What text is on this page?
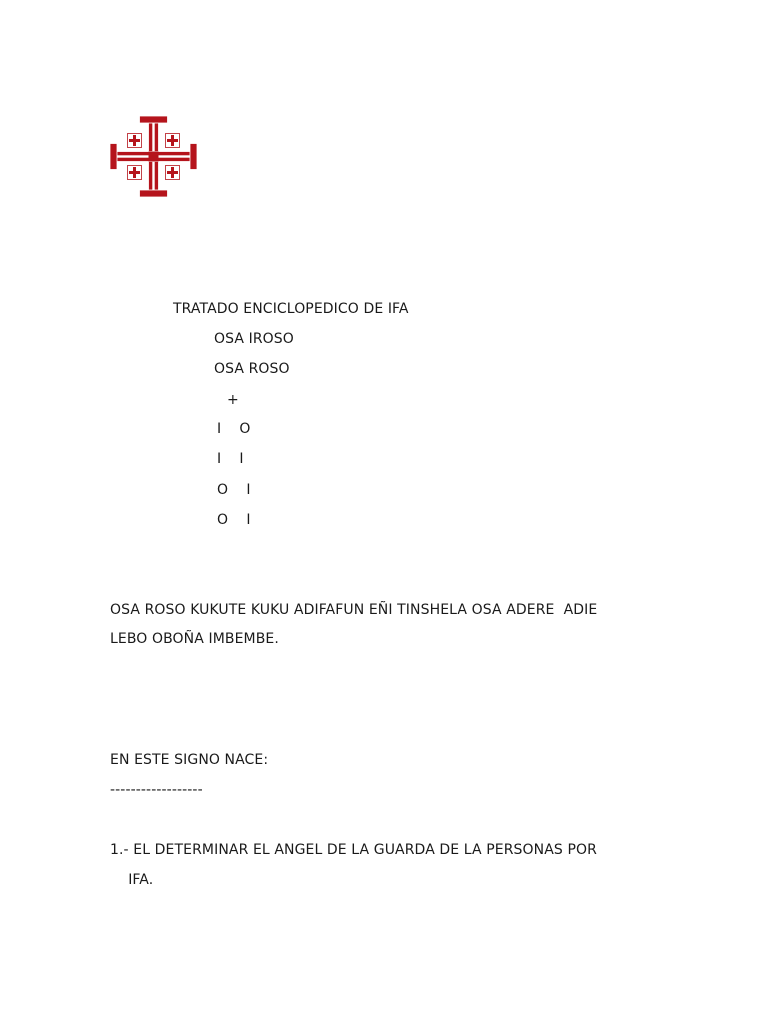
TRATADO ENCICLOPEDICO DE IFA
OSA IROSO
OSA ROSO
+
I    O
I    I
O    I
O    I
OSA ROSO KUKUTE KUKU ADIFAFUN EÑI TINSHELA OSA ADERE  ADIE
LEBO OBOÑA IMBEMBE.
EN ESTE SIGNO NACE:
------------------
1.- EL DETERMINAR EL ANGEL DE LA GUARDA DE LA PERSONAS POR
IFA.
